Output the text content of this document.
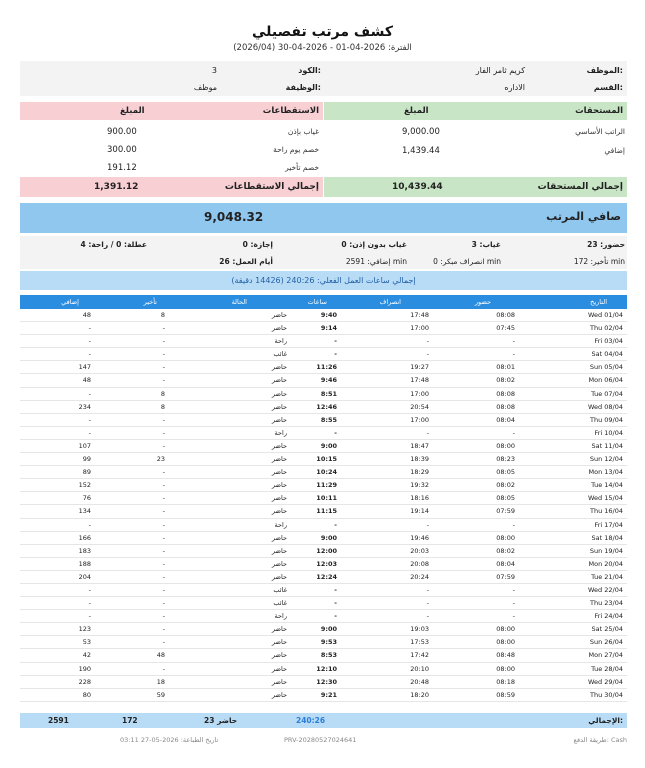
كشف مرتب تفصيلي
الفترة: 2026-04-01 - 2026-04-30 (2026/04)
الموظف:
كريم ثامر الفار
الكود:
3
القسم:
الاداره
الوظيفة:
موظف
المستحقات
المبلغ
الاستقطاعات
المبلغ
الراتب الأساسي
9,000.00
إضافي
1,439.44
غياب بإذن
900.00
خصم يوم راحة
300.00
خصم تأخير
191.12
إجمالي المستحقات
10,439.44
إجمالي الاستقطاعات
1,391.12
صافي المرتب
9,048.32
حضور: 23
غياب: 3
غياب بدون إذن: 0
إجازة: 0
عطلة: 0 / راحة: 4
تأخير: 172 min
انصراف مبكر: 0 min
إضافي: 2591 min
أيام العمل: 26
إجمالي ساعات العمل الفعلي: 240:26 (14426 دقيقة)
التاريخ
حضور
انصراف
ساعات
الحالة
تأخير
إضافي
Wed 01/04
08:08
17:48
9:40
حاضر
8
48
Thu 02/04
07:45
17:00
9:14
حاضر
-
-
Fri 03/04
-
-
-
راحة
-
-
Sat 04/04
-
-
-
غائب
-
-
Sun 05/04
08:01
19:27
11:26
حاضر
-
147
Mon 06/04
08:02
17:48
9:46
حاضر
-
48
Tue 07/04
08:08
17:00
8:51
حاضر
8
-
Wed 08/04
08:08
20:54
12:46
حاضر
8
234
Thu 09/04
08:04
17:00
8:55
حاضر
-
-
Fri 10/04
-
-
-
راحة
-
-
Sat 11/04
08:00
18:47
9:00
حاضر
-
107
Sun 12/04
08:23
18:39
10:15
حاضر
23
99
Mon 13/04
08:05
18:29
10:24
حاضر
-
89
Tue 14/04
08:02
19:32
11:29
حاضر
-
152
Wed 15/04
08:05
18:16
10:11
حاضر
-
76
Thu 16/04
07:59
19:14
11:15
حاضر
-
134
Fri 17/04
-
-
-
راحة
-
-
Sat 18/04
08:00
19:46
9:00
حاضر
-
166
Sun 19/04
08:02
20:03
12:00
حاضر
-
183
Mon 20/04
08:04
20:08
12:03
حاضر
-
188
Tue 21/04
07:59
20:24
12:24
حاضر
-
204
Wed 22/04
-
-
-
غائب
-
-
Thu 23/04
-
-
-
غائب
-
-
Fri 24/04
-
-
-
راحة
-
-
Sat 25/04
08:00
19:03
9:00
حاضر
-
123
Sun 26/04
08:00
17:53
9:53
حاضر
-
53
Mon 27/04
08:48
17:42
8:53
حاضر
48
42
Tue 28/04
08:00
20:10
12:10
حاضر
-
190
Wed 29/04
08:18
20:48
12:30
حاضر
18
228
Thu 30/04
08:59
18:20
9:21
حاضر
59
80
الإجمالي:
240:26
23 حاضر
172
2591
طريقة الدفع: Cash
PRV-20280527024641
تاريخ الطباعة: 2026-05-27 03:11
